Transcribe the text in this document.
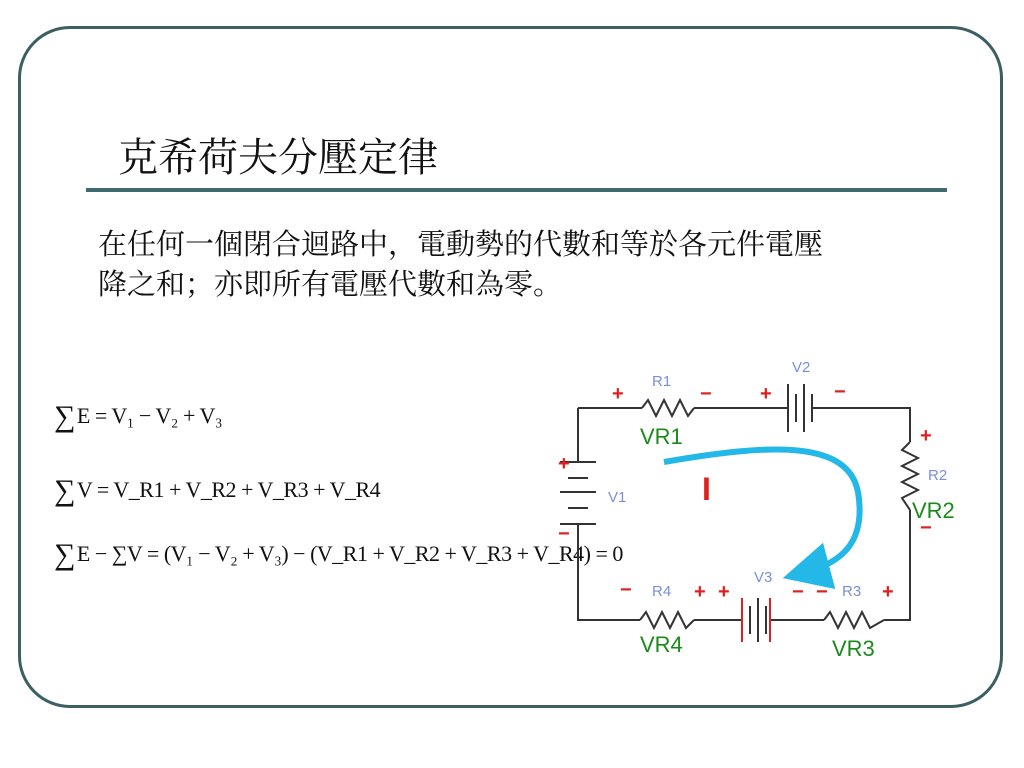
克希荷夫分壓定律
在任何一個閉合迴路中，電動勢的代數和等於各元件電壓
降之和；亦即所有電壓代數和為零。
∑E = V₁ − V₂ + V₃
∑V = V_R1 + V_R2 + V_R3 + V_R4
∑E − ∑V = (V₁ − V₂ + V₃) − (V_R1 + V_R2 + V_R3 + V_R4) = 0
R1
V2
R2
V1
R4
V3
R3
VR1
VR2
VR4	VR3
+	− +	−
+
−
+
−
−	+ +	− −	+
I
